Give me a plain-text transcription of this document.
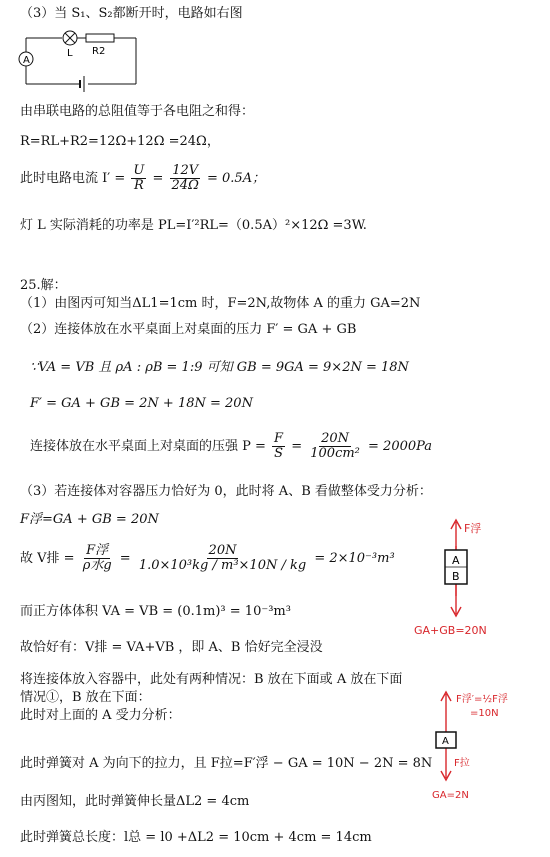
（3）当 S₁、S₂都断开时，电路如右图
A
L R2
由串联电路的总阻值等于各电阻之和得：
R=RL+R2=12Ω+12Ω =24Ω，
此时电路电流 $I' = \frac{U}{R} = \frac{12V}{24\Omega} = 0.5A$；
灯 L 实际消耗的功率是 PL=I′²RL=（0.5A）²×12Ω =3W.
25.解：
（1）由图丙可知当ΔL1=1cm 时，F=2N,故物体 A 的重力 GA=2N
（2）连接体放在水平桌面上对桌面的压力 F′ = GA + GB
∵VA = VB 且 ρA : ρB = 1:9 可知 GB = 9GA = 9×2N = 18N
F′ = GA + GB = 2N + 18N = 20N
连接体放在水平桌面上对桌面的压强 $P = \frac{F}{S} = \frac{20N}{\text{100cm²}} = 2000Pa$
（3）若连接体对容器压力恰好为 0，此时将 A、B 看做整体受力分析：
F浮=GA + GB = 20N
故 V排 = $\frac{\text{F浮}}{\text{ρ水g}} = \frac{20N}{\text{1.0×10³kg / m³×10N / kg}} = 2\times 10^{-3}m^3$
而正方体体积 VA = VB = (0.1m)³ = 10⁻³m³
故恰好有：V排 = VA+VB ，即 A、B 恰好完全浸没
将连接体放入容器中，此处有两种情况：B 放在下面或 A 放在下面
情况①，B 放在下面：
此时对上面的 A 受力分析：
此时弹簧对 A 为向下的拉力，且 F拉=F′浮 − GA = 10N − 2N = 8N
由丙图知，此时弹簧伸长量ΔL2 = 4cm
此时弹簧总长度：l总 = l0 +ΔL2 = 10cm + 4cm = 14cm
A
B
F浮
GA+GB=20N
A
F浮′=½F浮
=10N
F拉
GA=2N
